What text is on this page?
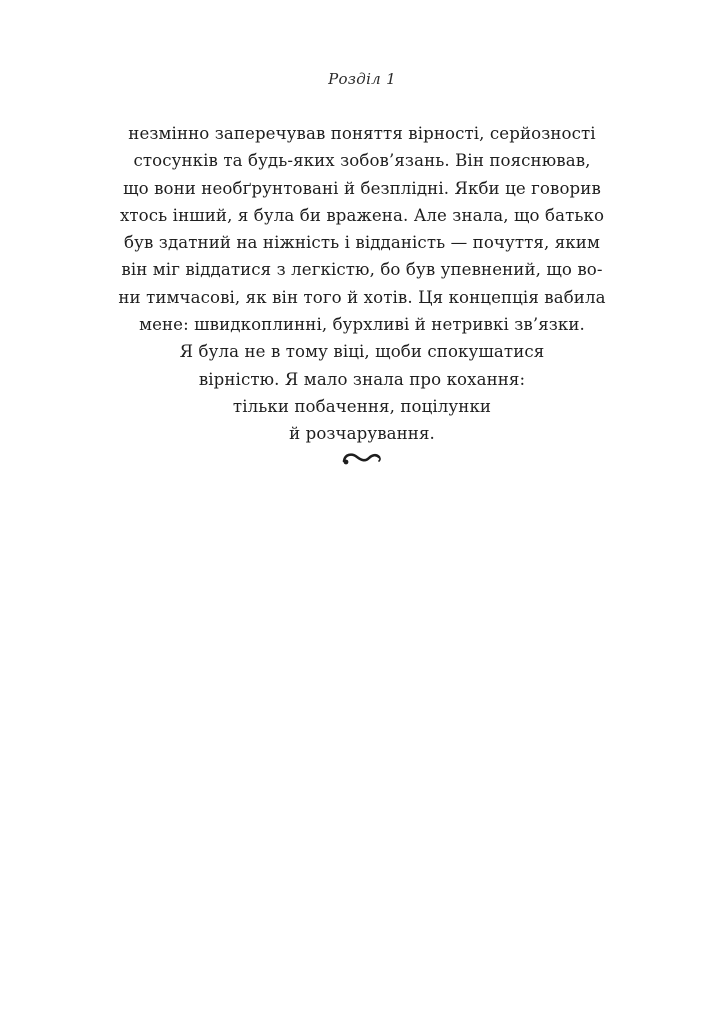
Розділ 1

незмінно заперечував поняття вірності, серйозності
стосунків та будь-яких зобов’язань. Він пояснював,
що вони необґрунтовані й безплідні. Якби це говорив
хтось інший, я була би вражена. Але знала, що батько
був здатний на ніжність і відданість — почуття, яким
він міг віддатися з легкістю, бо був упевнений, що во-
ни тимчасові, як він того й хотів. Ця концепція вабила
мене: швидкоплинні, бурхливі й нетривкі зв’язки.
Я була не в тому віці, щоби спокушатися
вірністю. Я мало знала про кохання:
тільки побачення, поцілунки
й розчарування.
